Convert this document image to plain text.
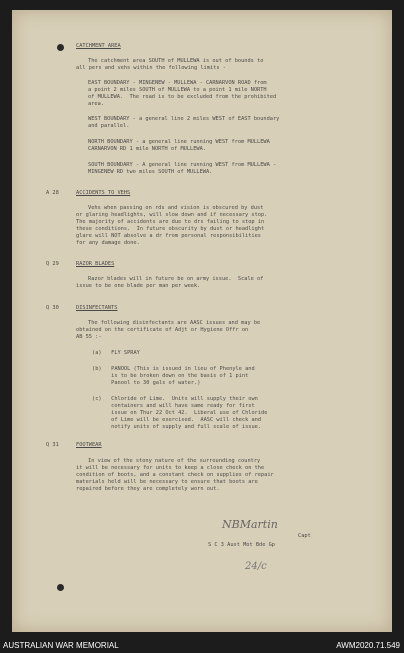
CATCHMENT AREA
The catchment area SOUTH of MULLEWA is out of bounds to
all pers and vehs within the following limits -
EAST BOUNDARY - MINGENEW - MULLEWA - CARNARVON ROAD from
a point 2 miles SOUTH of MULLEWA to a point 1 mile NORTH
of MULLEWA.  The road is to be excluded from the prohibited
area.
WEST BOUNDARY - a general line 2 miles WEST of EAST boundary
and parallel.
NORTH BOUNDARY - a general line running WEST from MULLEWA
CARNARVON RD 1 mile NORTH of MULLEWA.
SOUTH BOUNDARY - A general line running WEST from MULLEWA -
MINGENEW RD two miles SOUTH of MULLEWA.
A 28	ACCIDENTS TO VEHS
Vehs when passing on rds and vision is obscured by dust
or glaring headlights, will slow down and if necessary stop.
The majority of accidents are due to drs failing to stop in
these conditions.  In future obscurity by dust or headlight
glare will NOT absolve a dr from personal responsibilities
for any damage done.
Q 29	RAZOR BLADES
Razor blades will in future be on army issue.  Scale of
issue to be one blade per man per week.
Q 30	DISINFECTANTS
The following disinfectants are AASC issues and may be
obtained on the certificate of Adjt or Hygiene Offr on
AB 55 :-
(a)   FLY SPRAY
(b)   PANOOL (This is issued in lieu of Phenyle and
is to be broken down on the basis of 1 pint
Panool to 30 gals of water.)
(c)   Chloride of Lime.  Units will supply their own
containers and will have same ready for first
issue on Thur 22 Oct 42.  Liberal use of Chloride
of Lime will be exercised.  AASC will check and
notify units of supply and full scale of issue.
Q 31	FOOTWEAR
In view of the stony nature of the surrounding country
it will be necessary for units to keep a close check on the
condition of boots, and a constant check on supplies of repair
materials held will be necessary to ensure that boots are
repaired before they are completely worn out.
NBMartin
Capt
S C 3 Aust Mot Bde Gp
24/c
AUSTRALIAN WAR MEMORIAL	AWM2020.71.549
